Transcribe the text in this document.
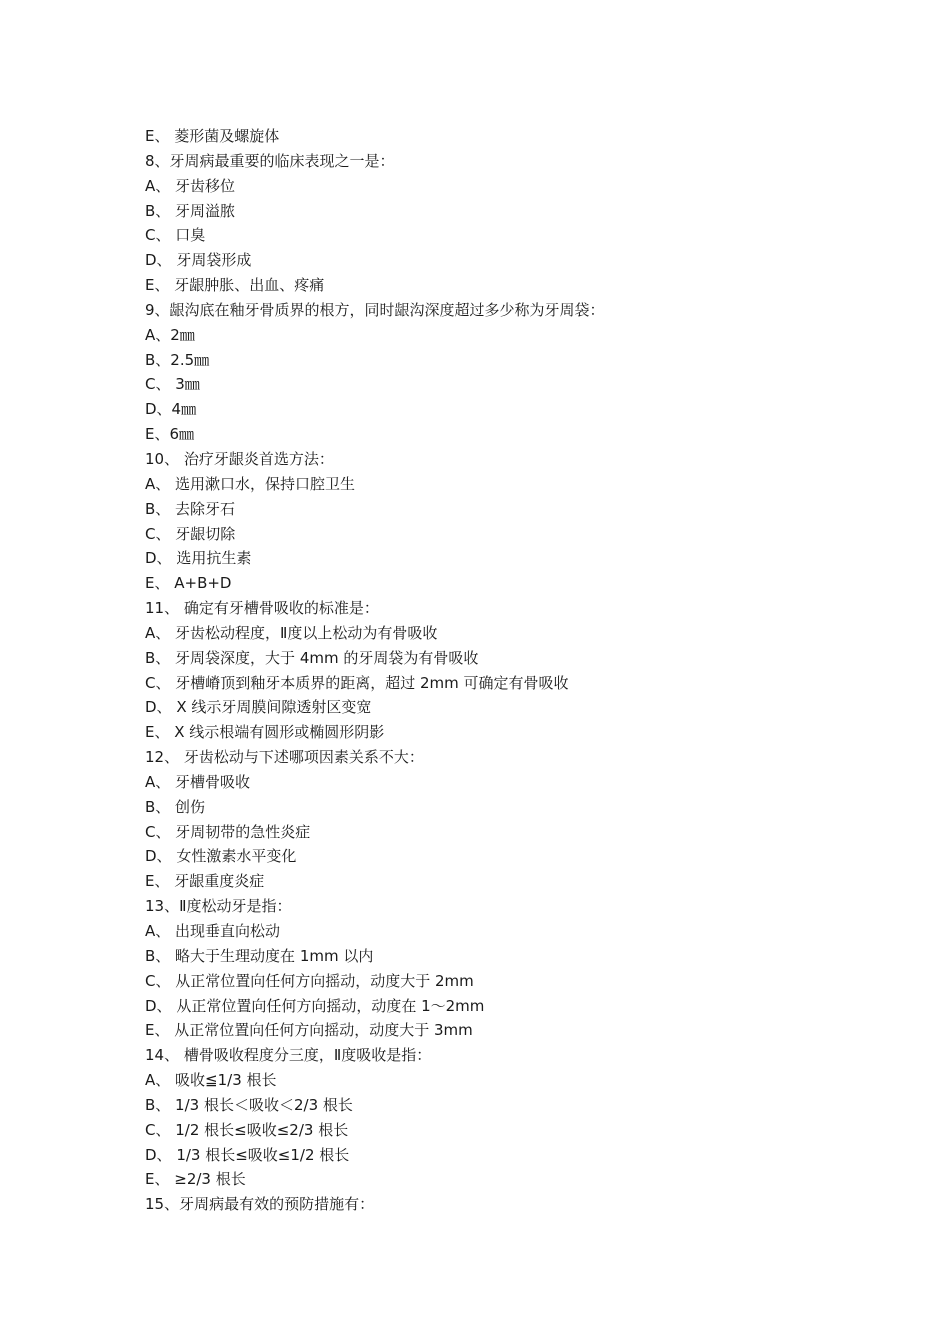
E、 菱形菌及螺旋体
8、牙周病最重要的临床表现之一是：
A、 牙齿移位
B、 牙周溢脓
C、 口臭
D、 牙周袋形成
E、 牙龈肿胀、出血、疼痛
9、龈沟底在釉牙骨质界的根方，同时龈沟深度超过多少称为牙周袋：
A、2㎜
B、2.5㎜
C、 3㎜
D、4㎜
E、6㎜
10、 治疗牙龈炎首选方法：
A、 选用漱口水，保持口腔卫生
B、 去除牙石
C、 牙龈切除
D、 选用抗生素
E、 A+B+D
11、 确定有牙槽骨吸收的标准是：
A、 牙齿松动程度，Ⅱ度以上松动为有骨吸收
B、 牙周袋深度，大于 4mm 的牙周袋为有骨吸收
C、 牙槽嵴顶到釉牙本质界的距离，超过 2mm 可确定有骨吸收
D、 X 线示牙周膜间隙透射区变宽
E、 X 线示根端有圆形或椭圆形阴影
12、 牙齿松动与下述哪项因素关系不大：
A、 牙槽骨吸收
B、 创伤
C、 牙周韧带的急性炎症
D、 女性激素水平变化
E、 牙龈重度炎症
13、Ⅱ度松动牙是指：
A、 出现垂直向松动
B、 略大于生理动度在 1mm 以内
C、 从正常位置向任何方向摇动，动度大于 2mm
D、 从正常位置向任何方向摇动，动度在 1～2mm
E、 从正常位置向任何方向摇动，动度大于 3mm
14、 槽骨吸收程度分三度，Ⅱ度吸收是指：
A、 吸收≦1/3 根长
B、 1/3 根长＜吸收＜2/3 根长
C、 1/2 根长≤吸收≤2/3 根长
D、 1/3 根长≤吸收≤1/2 根长
E、 ≥2/3 根长
15、牙周病最有效的预防措施有：
